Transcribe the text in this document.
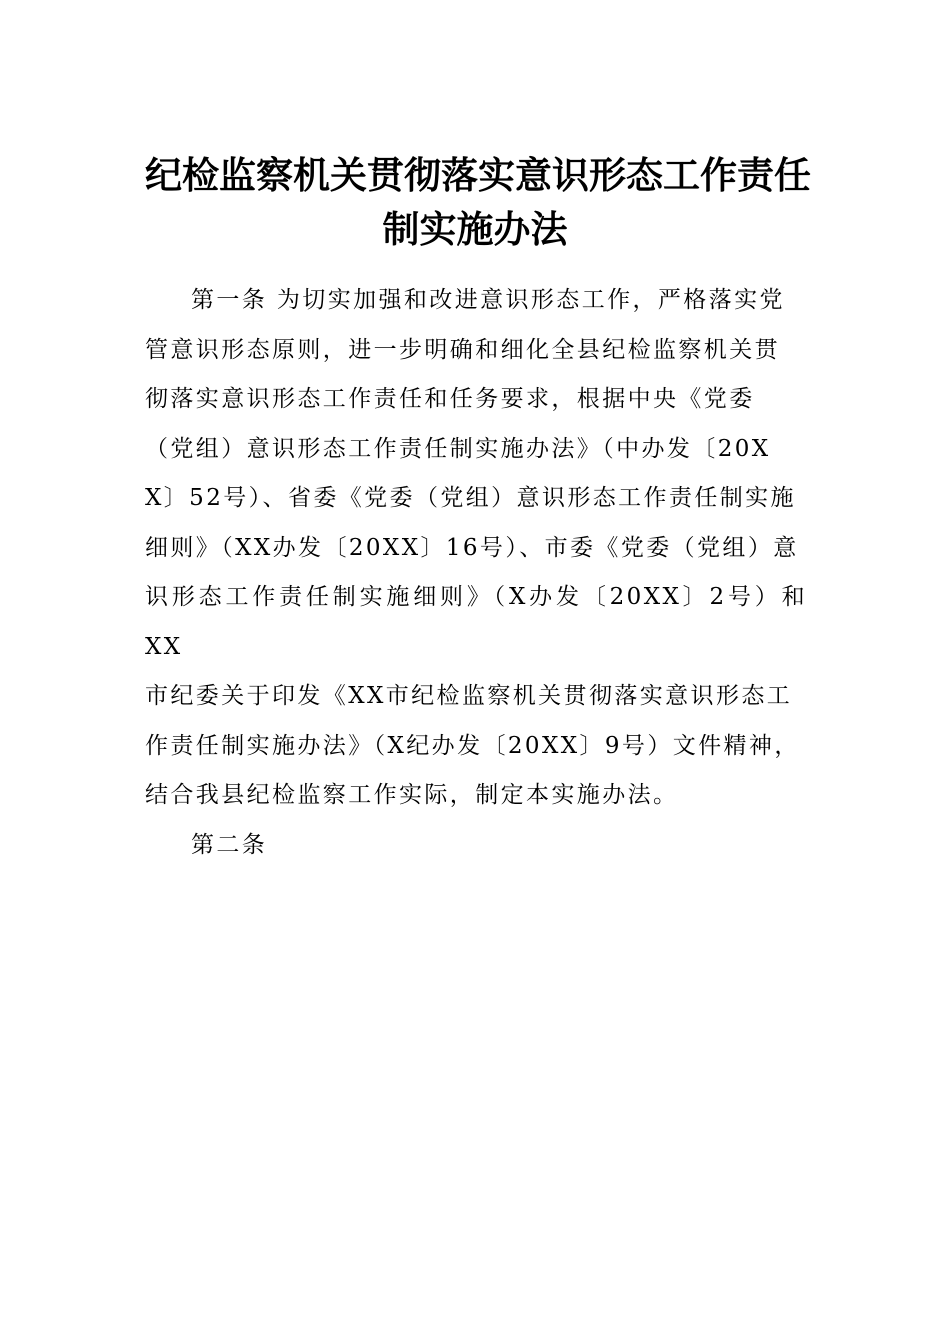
纪检监察机关贯彻落实意识形态工作责任
制实施办法

第一条 为切实加强和改进意识形态工作，严格落实党
管意识形态原则，进一步明确和细化全县纪检监察机关贯
彻落实意识形态工作责任和任务要求，根据中央《党委
（党组）意识形态工作责任制实施办法》（中办发〔20X
X〕52号）、省委《党委（党组）意识形态工作责任制实施
细则》（XX办发〔20XX〕16号）、市委《党委（党组）意
识形态工作责任制实施细则》（X办发〔20XX〕2号）和XX
市纪委关于印发《XX市纪检监察机关贯彻落实意识形态工
作责任制实施办法》（X纪办发〔20XX〕9号）文件精神，
结合我县纪检监察工作实际，制定本实施办法。

第二条
